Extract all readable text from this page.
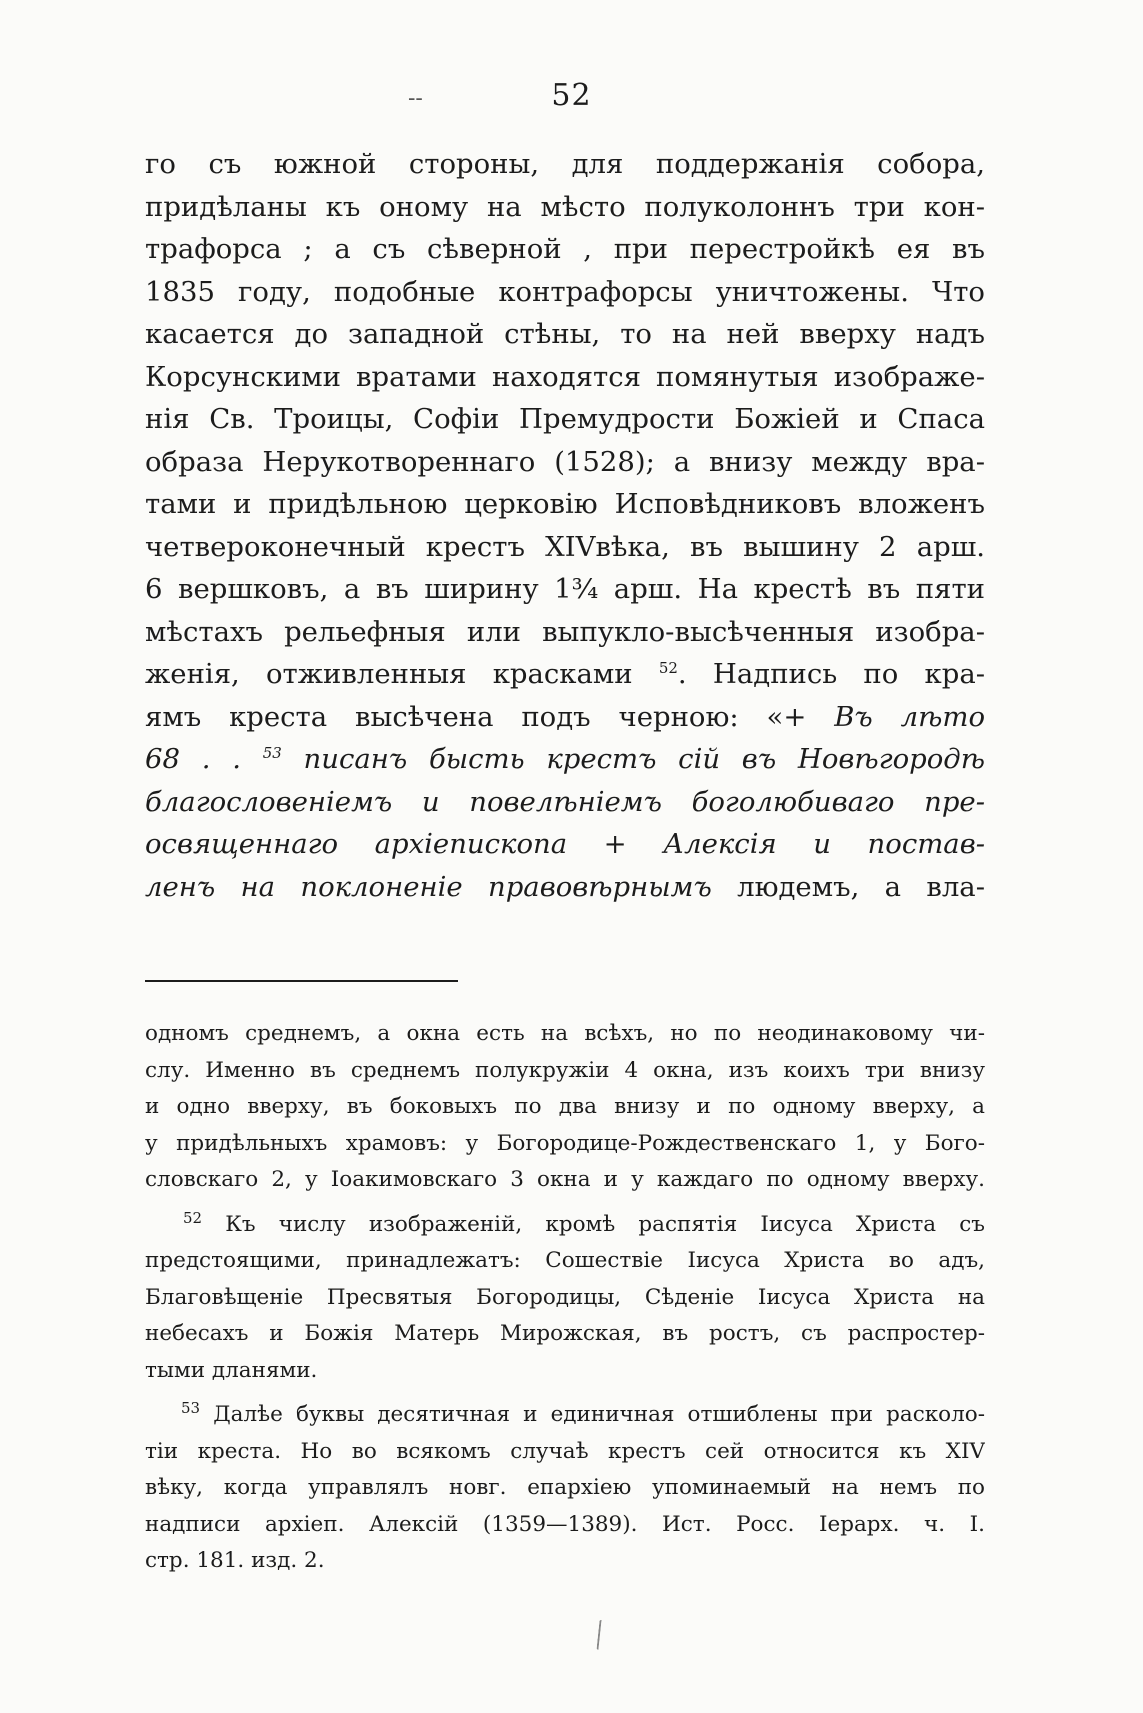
--	52
го съ южной стороны, для поддержанія собора,
придѣланы къ оному на мѣсто полуколоннъ три кон-
трафорса ; а съ сѣверной , при перестройкѣ ея въ
1835 году, подобные контрафорсы уничтожены. Что
касается до западной стѣны, то на ней вверху надъ
Корсунскими вратами находятся помянутыя изображе-
нія Св. Троицы, Софіи Премудрости Божіей и Спаса
образа Нерукотвореннаго (1528); а внизу между вра-
тами и придѣльною церковію Исповѣдниковъ вложенъ
четвероконечный крестъ XIVвѣка, въ вышину 2 арш.
6 вершковъ, а въ ширину 1¾ арш. На крестѣ въ пяти
мѣстахъ рельефныя или выпукло-высѣченныя изобра-
женія, отживленныя красками $^{52}$. Надпись по кра-
ямъ креста высѣчена подъ черною: «+ Въ лѣто
68 . . $^{53}$ писанъ бысть крестъ сій въ Новѣгородѣ
благословеніемъ и повелѣніемъ боголюбиваго пре-
освященнаго архіепископа + Алексія и постав-
ленъ на поклоненіе правовѣрнымъ людемъ, а вла-
одномъ среднемъ, а окна есть на всѣхъ, но по неодинаковому чи-
слу. Именно въ среднемъ полукружіи 4 окна, изъ коихъ три внизу
и одно вверху, въ боковыхъ по два внизу и по одному вверху, а
у придѣльныхъ храмовъ: у Богородице-Рождественскаго 1, у Бого-
словскаго 2, у Іоакимовскаго 3 окна и у каждаго по одному вверху.
$^{52}$ Къ числу изображеній, кромѣ распятія Іисуса Христа съ
предстоящими, принадлежатъ: Сошествіе Іисуса Христа во адъ,
Благовѣщеніе Пресвятыя Богородицы, Сѣденіе Іисуса Христа на
небесахъ и Божія Матерь Мирожская, въ ростъ, съ распростер-
тыми дланями.
$^{53}$ Далѣе буквы десятичная и единичная отшиблены при расколо-
тіи креста. Но во всякомъ случаѣ крестъ сей относится къ XIV
вѣку, когда управлялъ новг. епархіею упоминаемый на немъ по
надписи архіеп. Алексій (1359—1389). Ист. Росс. Іерарх. ч. I.
стр. 181. изд. 2.
